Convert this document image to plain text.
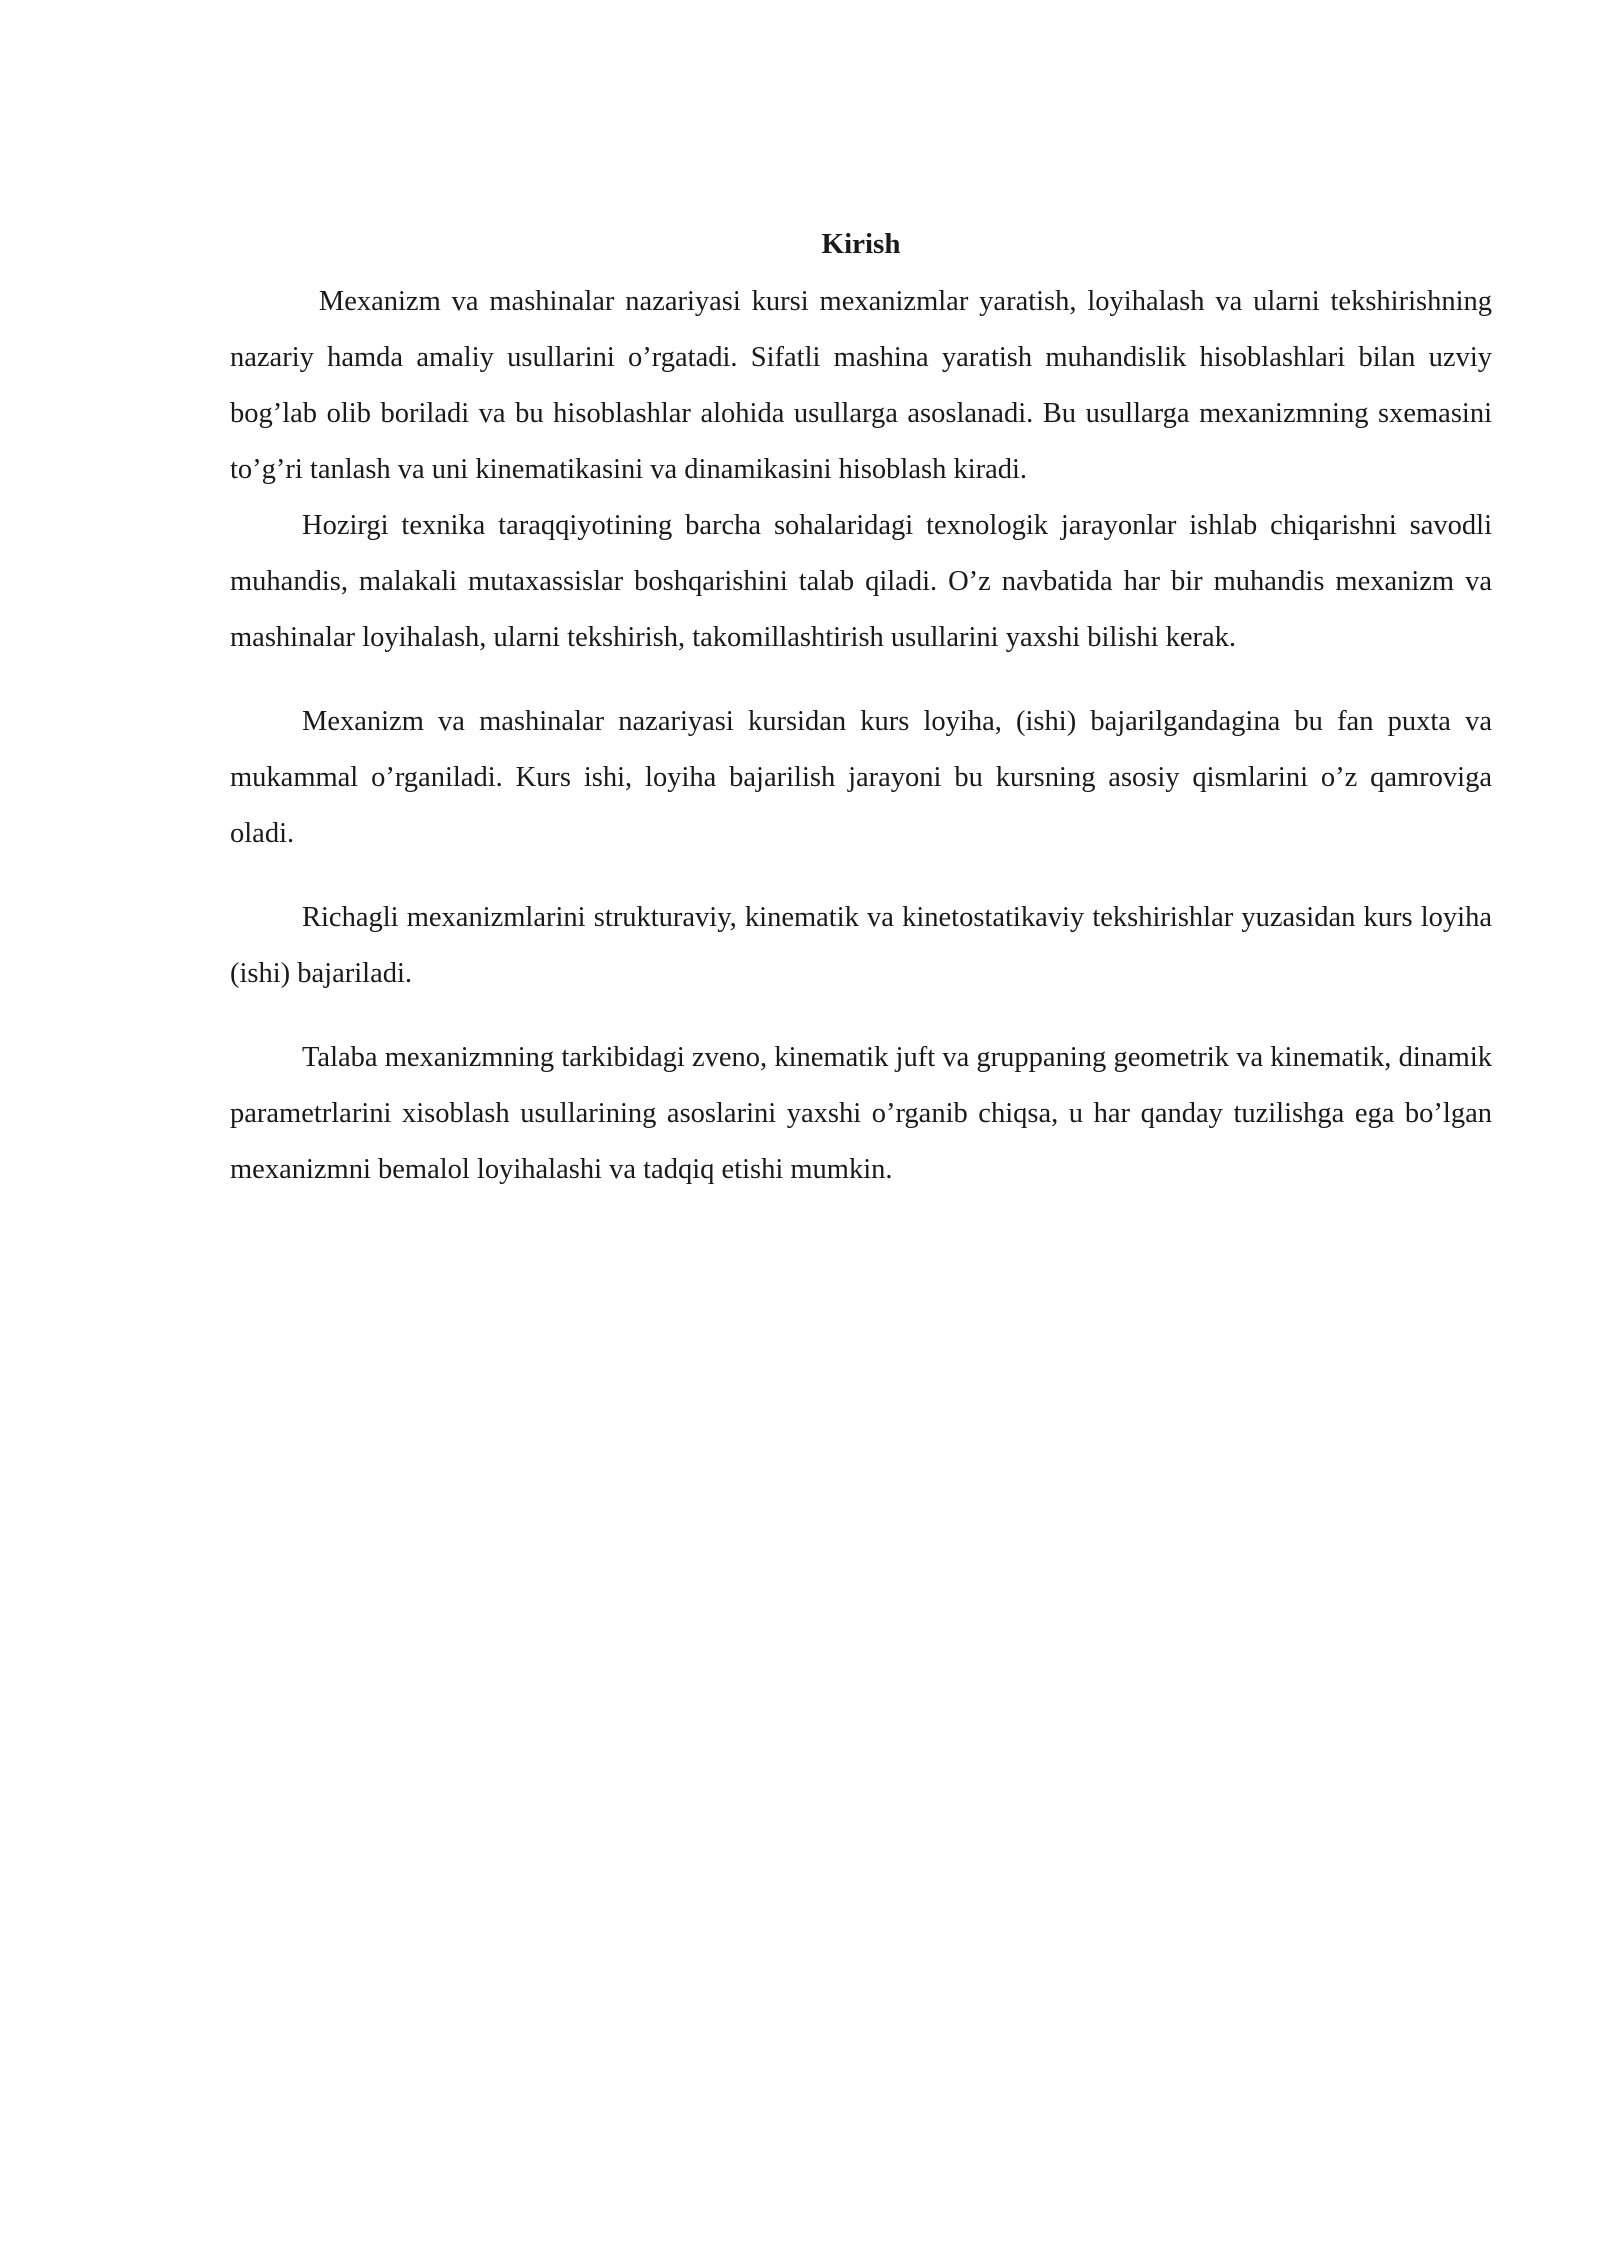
Kirish

Mexanizm va mashinalar nazariyasi kursi mexanizmlar yaratish, loyihalash va ularni tekshirishning nazariy hamda amaliy usullarini o’rgatadi. Sifatli mashina yaratish muhandislik hisoblashlari bilan uzviy bog’lab olib boriladi va bu hisoblashlar alohida usullarga asoslanadi. Bu usullarga mexanizmning sxemasini to’g’ri tanlash va uni kinematikasini va dinamikasini hisoblash kiradi.

Hozirgi texnika taraqqiyotining barcha sohalaridagi texnologik jarayonlar ishlab chiqarishni savodli muhandis, malakali mutaxassislar boshqarishini talab qiladi. O’z navbatida har bir muhandis mexanizm va mashinalar loyihalash, ularni tekshirish, takomillashtirish usullarini yaxshi bilishi kerak.

Mexanizm va mashinalar nazariyasi kursidan kurs loyiha, (ishi) bajarilgandagina bu fan puxta va mukammal o’rganiladi. Kurs ishi, loyiha bajarilish jarayoni bu kursning asosiy qismlarini o’z qamroviga oladi.

Richagli mexanizmlarini strukturaviy, kinematik va kinetostatikaviy tekshirishlar yuzasidan kurs loyiha (ishi) bajariladi.

Talaba mexanizmning tarkibidagi zveno, kinematik juft va gruppaning geometrik va kinematik, dinamik parametrlarini xisoblash usullarining asoslarini yaxshi o’rganib chiqsa, u har qanday tuzilishga ega bo’lgan mexanizmni bemalol loyihalashi va tadqiq etishi mumkin.
